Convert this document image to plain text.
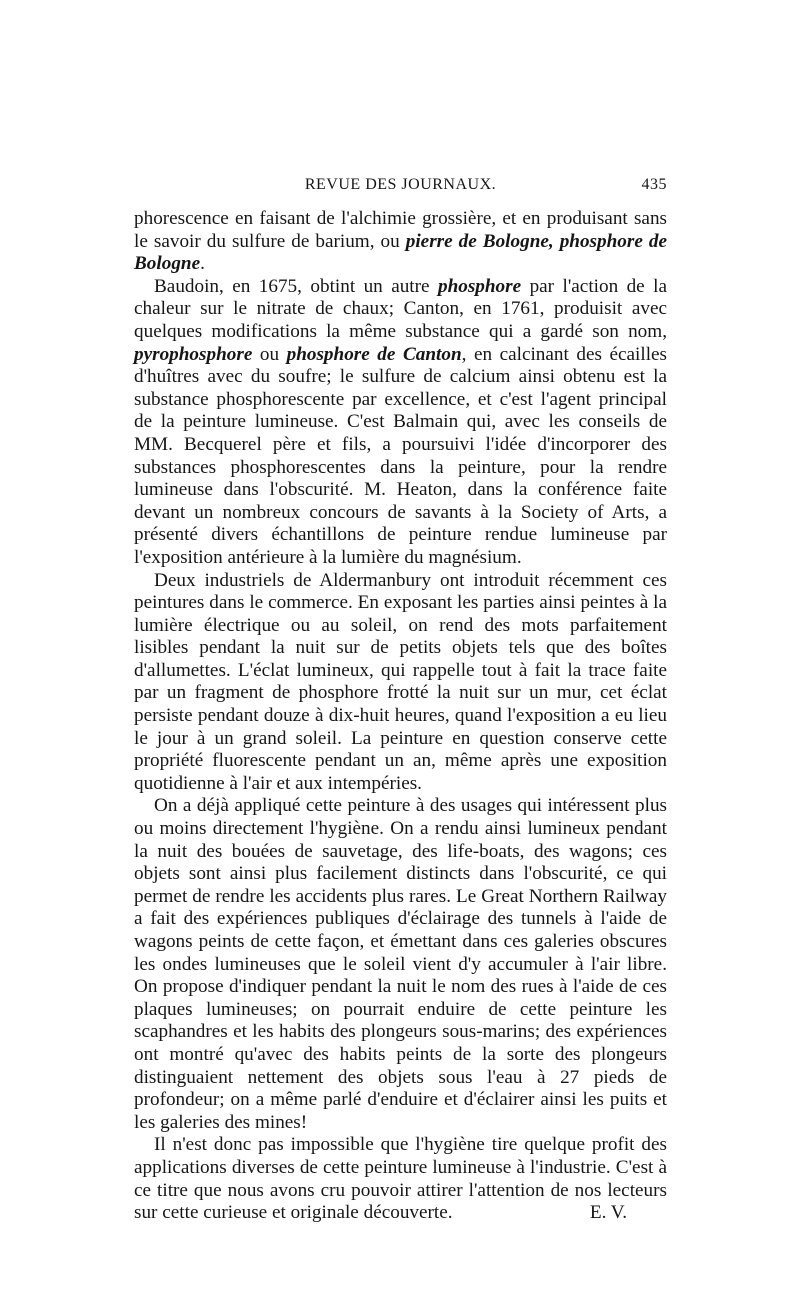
REVUE DES JOURNAUX.	435

phorescence en faisant de l'alchimie grossière, et en produisant sans le savoir du sulfure de barium, ou pierre de Bologne, phosphore de Bologne.

Baudoin, en 1675, obtint un autre phosphore par l'action de la chaleur sur le nitrate de chaux; Canton, en 1761, produisit avec quelques modifications la même substance qui a gardé son nom, pyrophosphore ou phosphore de Canton, en calcinant des écailles d'huîtres avec du soufre; le sulfure de calcium ainsi obtenu est la substance phosphorescente par excellence, et c'est l'agent principal de la peinture lumineuse. C'est Balmain qui, avec les conseils de MM. Becquerel père et fils, a poursuivi l'idée d'incorporer des substances phosphorescentes dans la peinture, pour la rendre lumineuse dans l'obscurité. M. Heaton, dans la conférence faite devant un nombreux concours de savants à la Society of Arts, a présenté divers échantillons de peinture rendue lumineuse par l'exposition antérieure à la lumière du magnésium.

Deux industriels de Aldermanbury ont introduit récemment ces peintures dans le commerce. En exposant les parties ainsi peintes à la lumière électrique ou au soleil, on rend des mots parfaitement lisibles pendant la nuit sur de petits objets tels que des boîtes d'allumettes. L'éclat lumineux, qui rappelle tout à fait la trace faite par un fragment de phosphore frotté la nuit sur un mur, cet éclat persiste pendant douze à dix-huit heures, quand l'exposition a eu lieu le jour à un grand soleil. La peinture en question conserve cette propriété fluorescente pendant un an, même après une exposition quotidienne à l'air et aux intempéries.

On a déjà appliqué cette peinture à des usages qui intéressent plus ou moins directement l'hygiène. On a rendu ainsi lumineux pendant la nuit des bouées de sauvetage, des life-boats, des wagons; ces objets sont ainsi plus facilement distincts dans l'obscurité, ce qui permet de rendre les accidents plus rares. Le Great Northern Railway a fait des expériences publiques d'éclairage des tunnels à l'aide de wagons peints de cette façon, et émettant dans ces galeries obscures les ondes lumineuses que le soleil vient d'y accumuler à l'air libre. On propose d'indiquer pendant la nuit le nom des rues à l'aide de ces plaques lumineuses; on pourrait enduire de cette peinture les scaphandres et les habits des plongeurs sous-marins; des expériences ont montré qu'avec des habits peints de la sorte des plongeurs distinguaient nettement des objets sous l'eau à 27 pieds de profondeur; on a même parlé d'enduire et d'éclairer ainsi les puits et les galeries des mines!

Il n'est donc pas impossible que l'hygiène tire quelque profit des applications diverses de cette peinture lumineuse à l'industrie. C'est à ce titre que nous avons cru pouvoir attirer l'attention de nos lecteurs sur cette curieuse et originale découverte.	E. V.
